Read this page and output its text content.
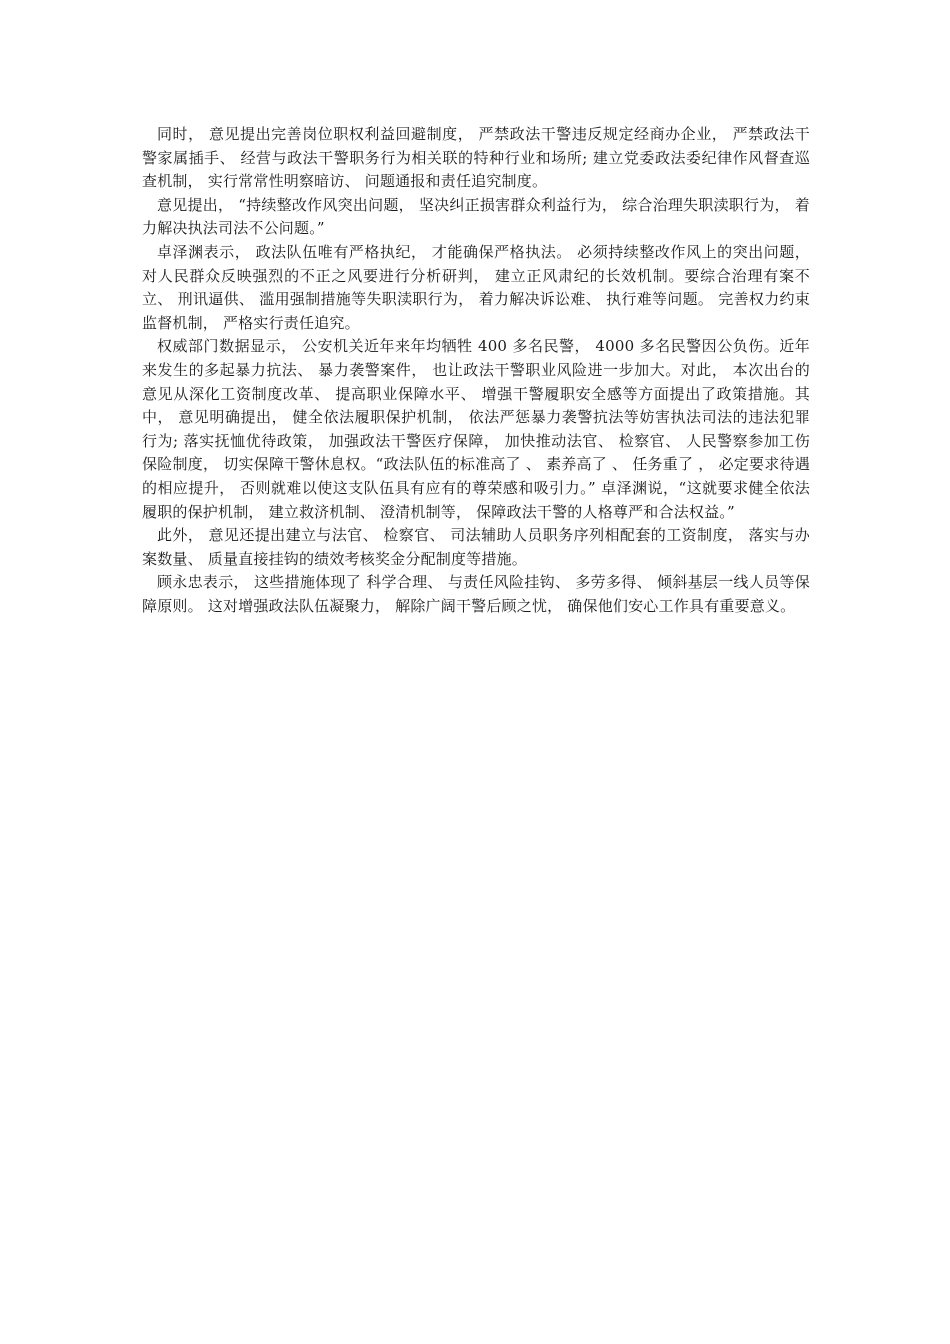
同时， 意见提出完善岗位职权利益回避制度， 严禁政法干警违反规定经商办企业， 严禁政法干警家属插手、 经营与政法干警职务行为相关联的特种行业和场所; 建立党委政法委纪律作风督查巡查机制， 实行常常性明察暗访、 问题通报和责任追究制度。

意见提出， “持续整改作风突出问题， 坚决纠正损害群众利益行为， 综合治理失职渎职行为， 着力解决执法司法不公问题。”

卓泽渊表示， 政法队伍唯有严格执纪， 才能确保严格执法。 必须持续整改作风上的突出问题， 对人民群众反映强烈的不正之风要进行分析研判， 建立正风肃纪的长效机制。要综合治理有案不立、 刑讯逼供、 滥用强制措施等失职渎职行为， 着力解决诉讼难、 执行难等问题。 完善权力约束监督机制， 严格实行责任追究。

权威部门数据显示， 公安机关近年来年均牺牲 400 多名民警， 4000 多名民警因公负伤。近年来发生的多起暴力抗法、 暴力袭警案件， 也让政法干警职业风险进一步加大。对此， 本次出台的意见从深化工资制度改革、 提高职业保障水平、 增强干警履职安全感等方面提出了政策措施。其中， 意见明确提出， 健全依法履职保护机制， 依法严惩暴力袭警抗法等妨害执法司法的违法犯罪行为; 落实抚恤优待政策， 加强政法干警医疗保障， 加快推动法官、 检察官、 人民警察参加工伤保险制度， 切实保障干警休息权。“政法队伍的标准高了 、 素养高了 、 任务重了 ， 必定要求待遇的相应提升， 否则就难以使这支队伍具有应有的尊荣感和吸引力。” 卓泽渊说，“这就要求健全依法履职的保护机制， 建立救济机制、 澄清机制等， 保障政法干警的人格尊严和合法权益。”

此外， 意见还提出建立与法官、 检察官、 司法辅助人员职务序列相配套的工资制度， 落实与办案数量、 质量直接挂钩的绩效考核奖金分配制度等措施。

顾永忠表示， 这些措施体现了 科学合理、 与责任风险挂钩、 多劳多得、 倾斜基层一线人员等保障原则。 这对增强政法队伍凝聚力， 解除广阔干警后顾之忧， 确保他们安心工作具有重要意义。
